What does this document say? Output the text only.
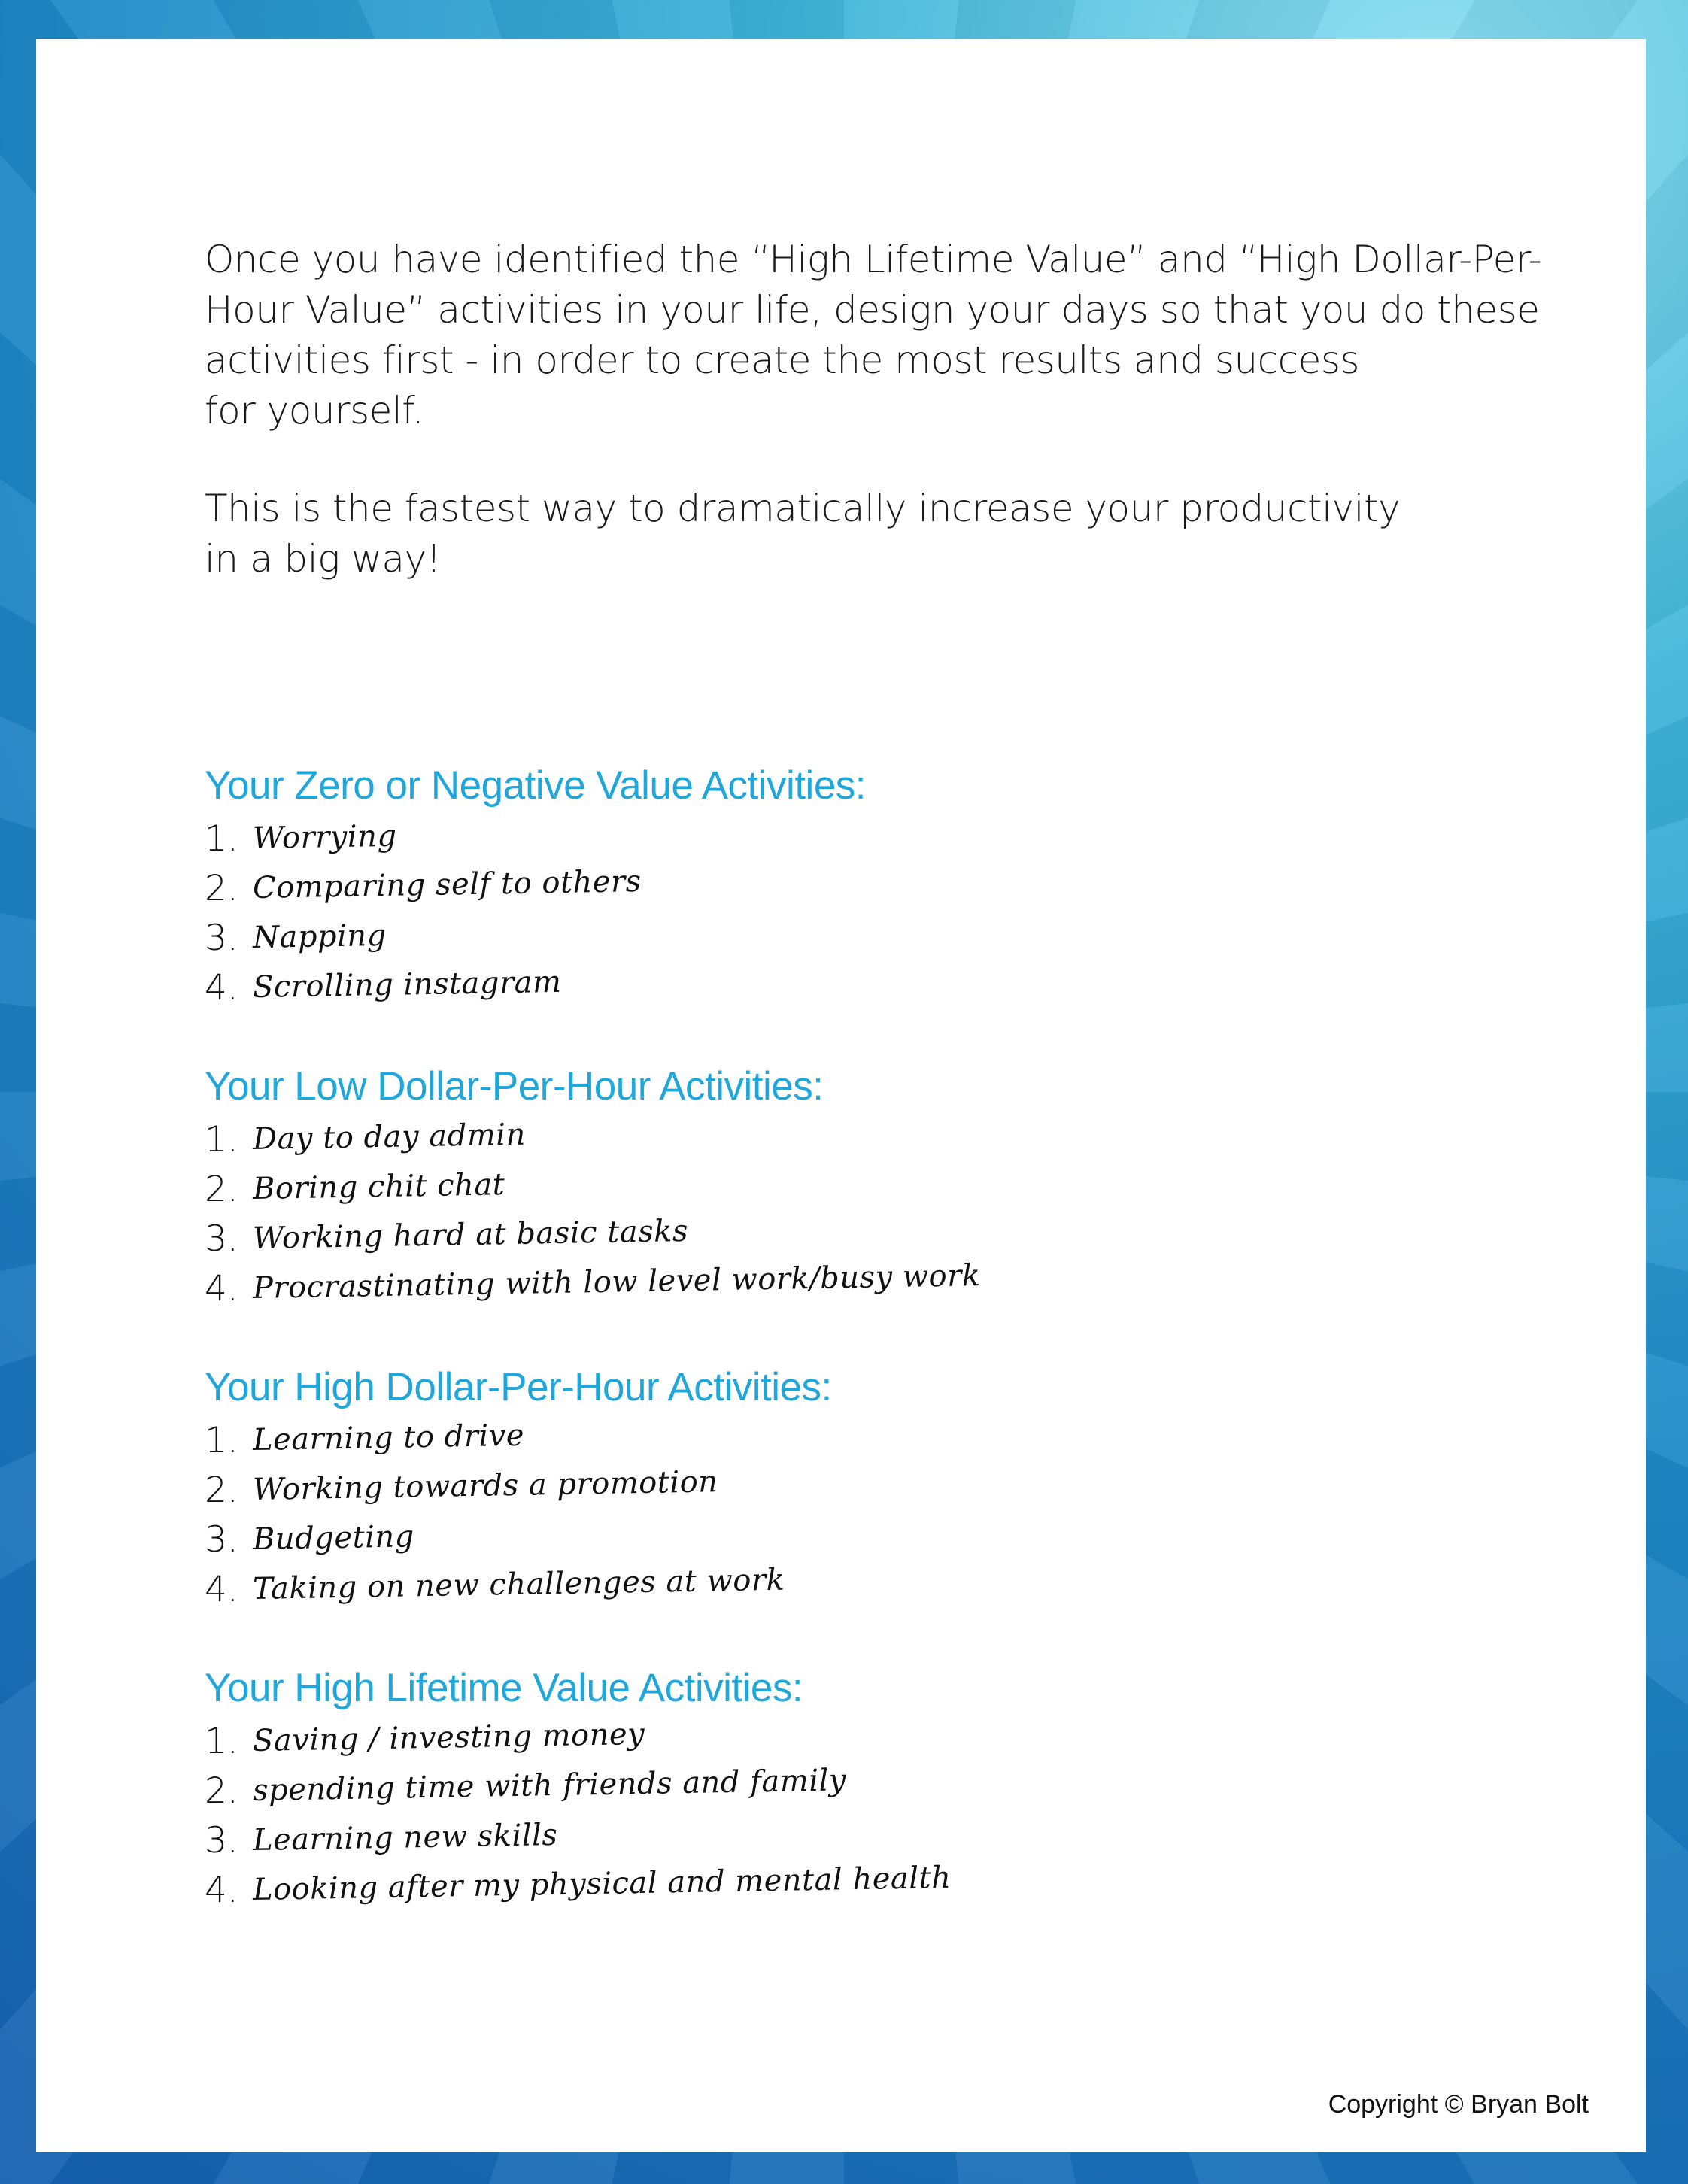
Once you have identified the “High Lifetime Value” and “High Dollar-Per-
Hour Value” activities in your life, design your days so that you do these
activities first - in order to create the most results and success
for yourself.

This is the fastest way to dramatically increase your productivity
in a big way!

Your Zero or Negative Value Activities:
1. Worrying
2. Comparing self to others
3. Napping
4. Scrolling instagram
Your Low Dollar-Per-Hour Activities:
1. Day to day admin
2. Boring chit chat
3. Working hard at basic tasks
4. Procrastinating with low level work/busy work
Your High Dollar-Per-Hour Activities:
1. Learning to drive
2. Working towards a promotion
3. Budgeting
4. Taking on new challenges at work
Your High Lifetime Value Activities:
1. Saving / investing money
2. spending time with friends and family
3. Learning new skills
4. Looking after my physical and mental health
Copyright © Bryan Bolt
